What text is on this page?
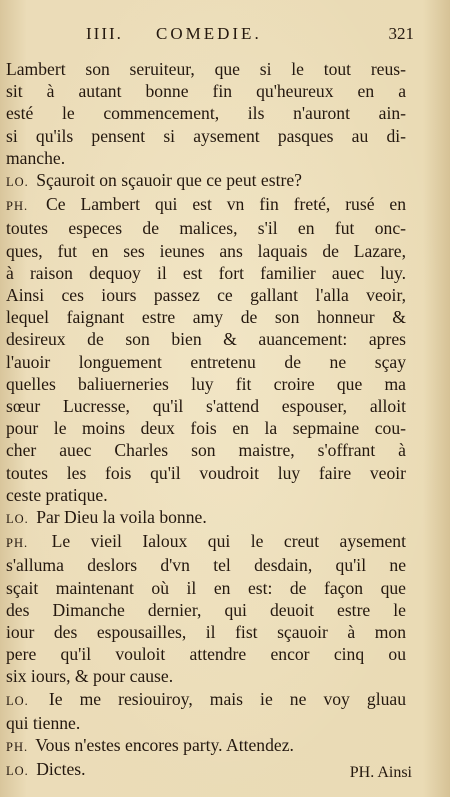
IIII. COMEDIE.	321
Lambert son seruiteur, que si le tout reus-
sit à autant bonne fin qu'heureux en a
esté le commencement, ils n'auront ain-
si qu'ils pensent si aysement pasques au di-
manche.
LO. Sçauroit on sçauoir que ce peut estre?
PH. Ce Lambert qui est vn fin freté, rusé en
toutes especes de malices, s'il en fut onc-
ques, fut en ses ieunes ans laquais de Lazare,
à raison dequoy il est fort familier auec luy.
Ainsi ces iours passez ce gallant l'alla veoir,
lequel faignant estre amy de son honneur &
desireux de son bien & auancement: apres
l'auoir longuement entretenu de ne sçay
quelles baliuerneries luy fit croire que ma
sœur Lucresse, qu'il s'attend espouser, alloit
pour le moins deux fois en la sepmaine cou-
cher auec Charles son maistre, s'offrant à
toutes les fois qu'il voudroit luy faire veoir
ceste pratique.
LO. Par Dieu la voila bonne.
PH. Le vieil Ialoux qui le creut aysement
s'alluma deslors d'vn tel desdain, qu'il ne
sçait maintenant où il en est: de façon que
des Dimanche dernier, qui deuoit estre le
iour des espousailles, il fist sçauoir à mon
pere qu'il vouloit attendre encor cinq ou
six iours, & pour cause.
LO. Ie me resiouiroy, mais ie ne voy gluau
qui tienne.
PH. Vous n'estes encores party. Attendez.
LO. Dictes.	PH. Ainsi
